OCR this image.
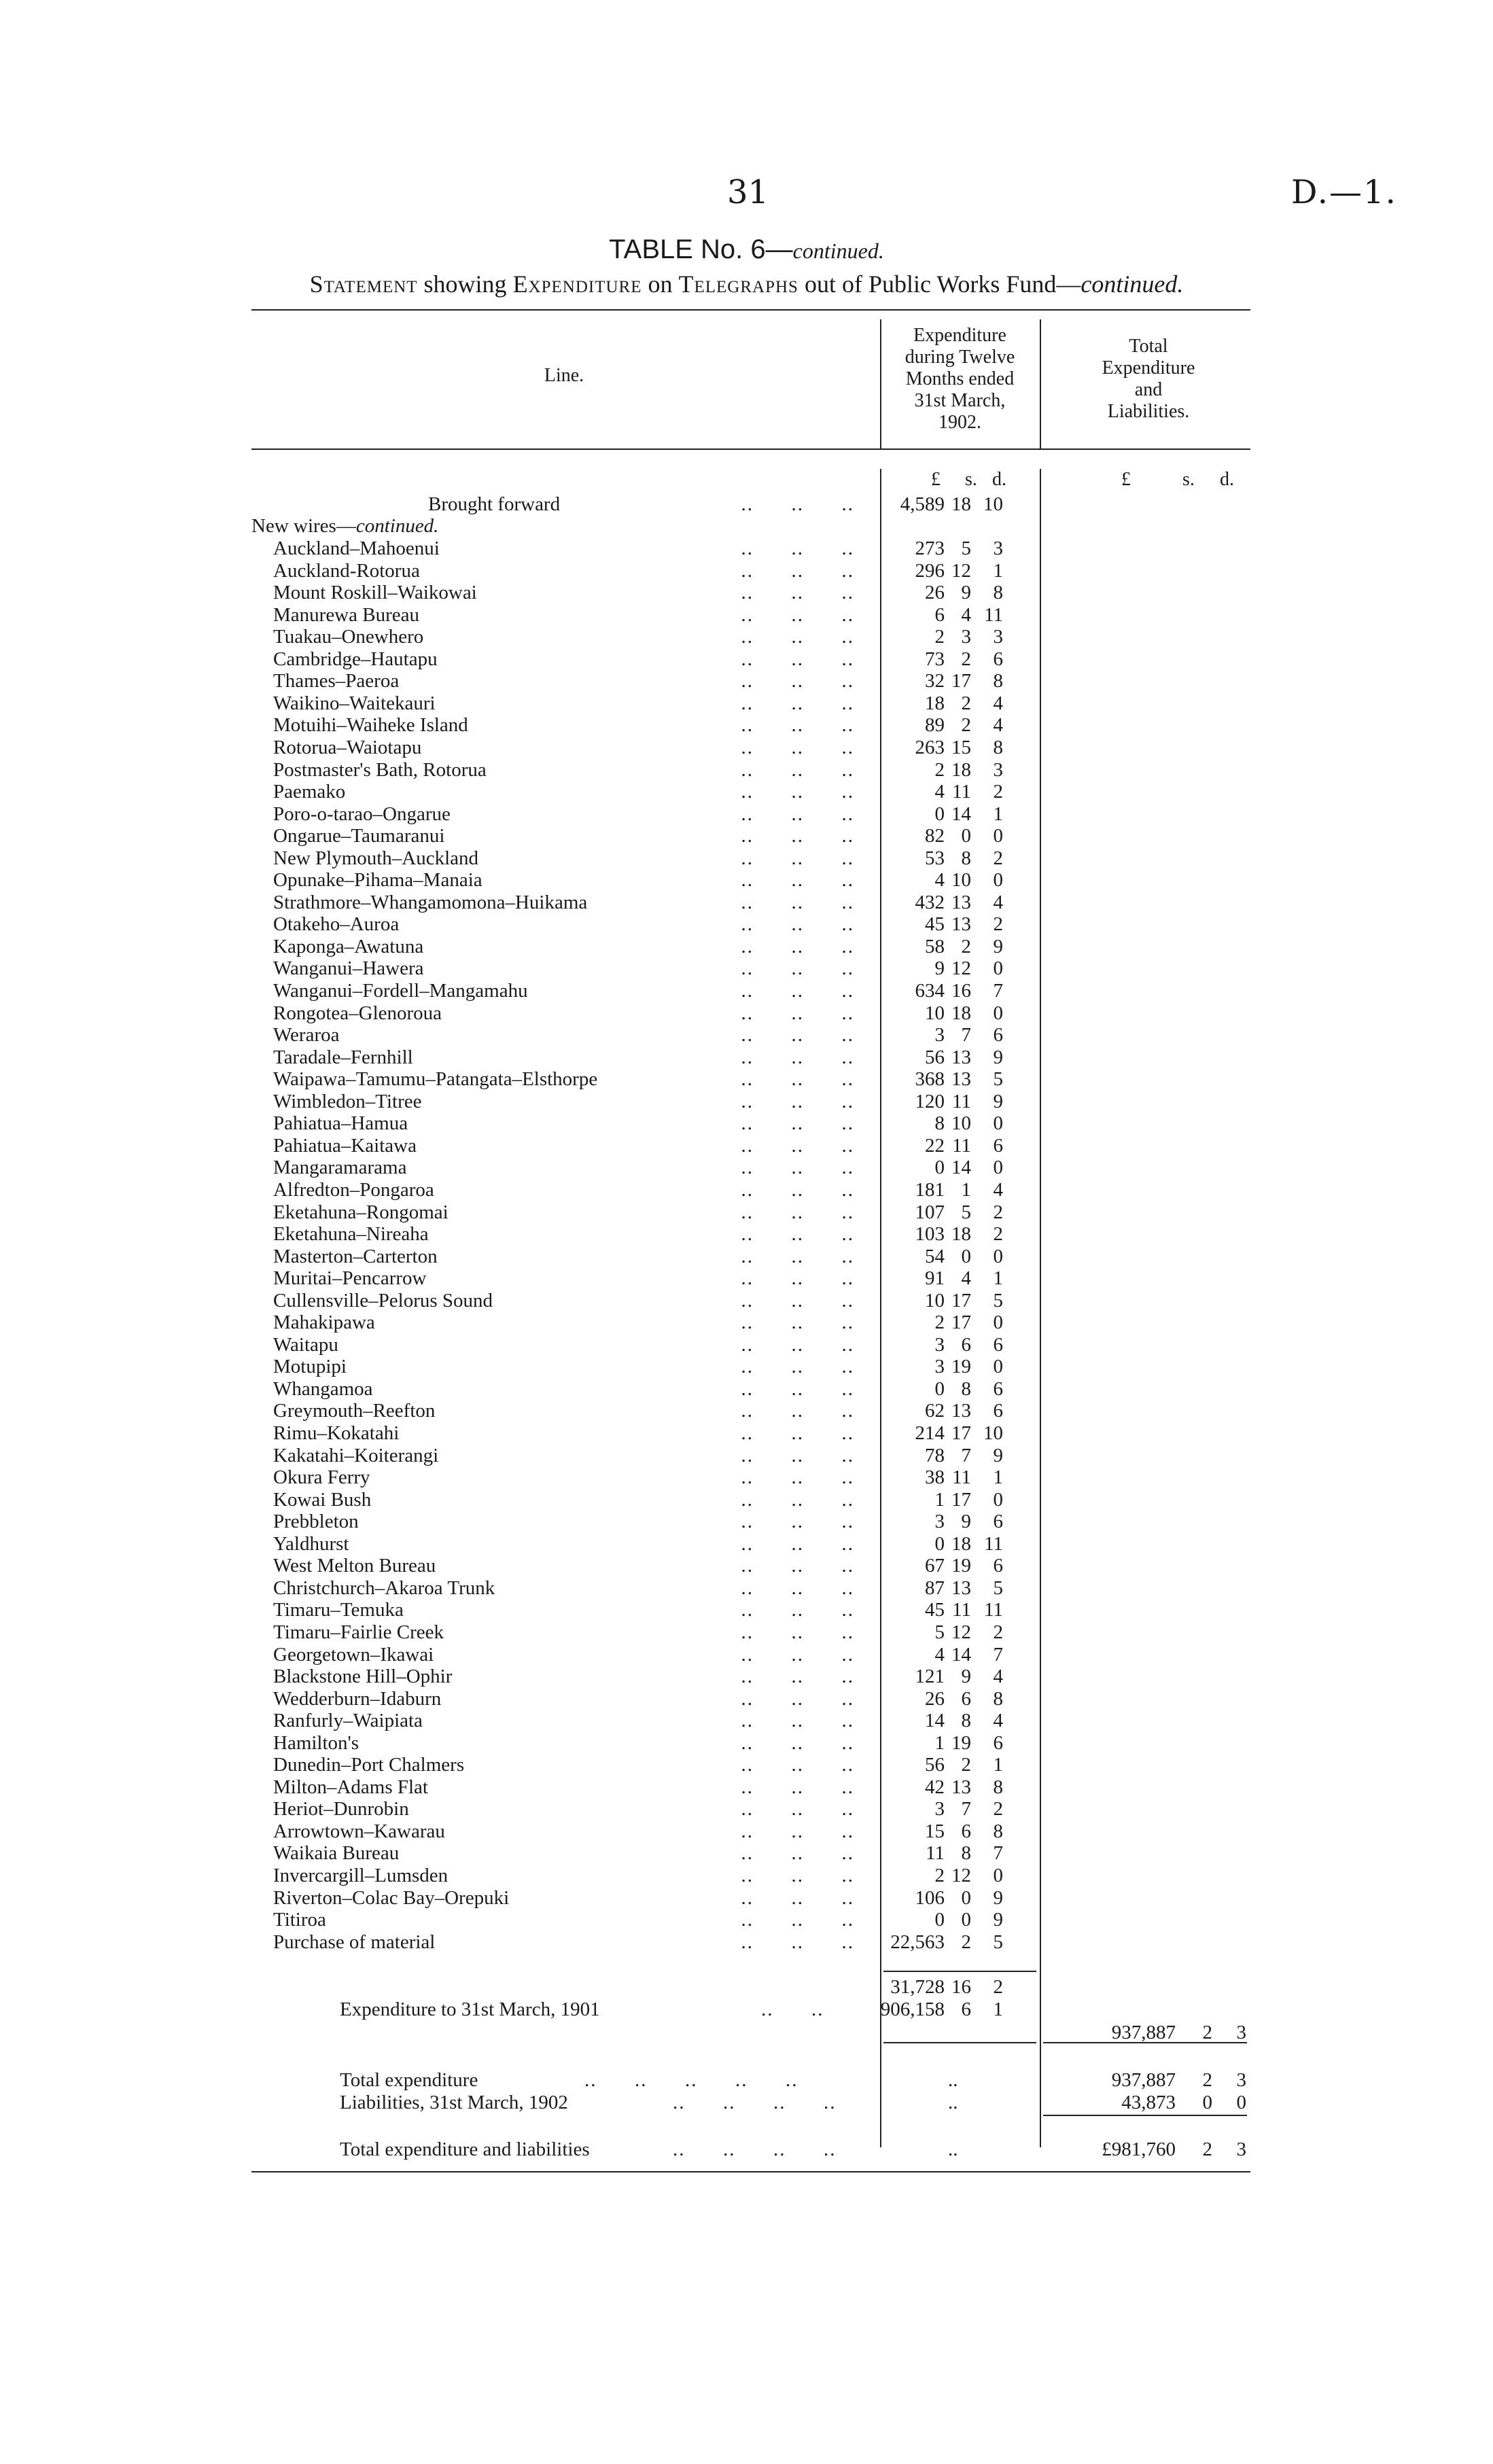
31	D.—1.
TABLE No. 6—continued.
Statement showing Expenditure on Telegraphs out of Public Works Fund—continued.
Line.
Expenditure
during Twelve
Months ended
31st March,
1902.
Total
Expenditure
and
Liabilities.
£ s. d.	£	s. d.
Brought forward	..      ..      ..	4,589 18 10
New wires—continued.
Auckland–Mahoenui	..      ..      ..	273 5	3
Auckland-Rotorua	..      ..      ..	296 12	1
Mount Roskill–Waikowai	..      ..      ..	26 9	8
Manurewa Bureau	..      ..      ..	6 4 11
Tuakau–Onewhero	..      ..      ..	2 3	3
Cambridge–Hautapu	..      ..      ..	73 2	6
Thames–Paeroa	..      ..      ..	32 17	8
Waikino–Waitekauri	..      ..      ..	18 2	4
Motuihi–Waiheke Island	..      ..      ..	89 2	4
Rotorua–Waiotapu	..      ..      ..	263 15	8
Postmaster's Bath, Rotorua	..      ..      ..	2 18	3
Paemako	..      ..      ..	4 11	2
Poro-o-tarao–Ongarue	..      ..      ..	0 14	1
Ongarue–Taumaranui	..      ..      ..	82 0	0
New Plymouth–Auckland	..      ..      ..	53 8	2
Opunake–Pihama–Manaia	..      ..      ..	4 10	0
Strathmore–Whangamomona–Huikama	..      ..      ..	432 13	4
Otakeho–Auroa	..      ..      ..	45 13	2
Kaponga–Awatuna	..      ..      ..	58 2	9
Wanganui–Hawera	..      ..      ..	9 12	0
Wanganui–Fordell–Mangamahu	..      ..      ..	634 16	7
Rongotea–Glenoroua	..      ..      ..	10 18	0
Weraroa	..      ..      ..	3 7	6
Taradale–Fernhill	..      ..      ..	56 13	9
Waipawa–Tamumu–Patangata–Elsthorpe	..      ..      ..	368 13	5
Wimbledon–Titree	..      ..      ..	120 11	9
Pahiatua–Hamua	..      ..      ..	8 10	0
Pahiatua–Kaitawa	..      ..      ..	22 11	6
Mangaramarama	..      ..      ..	0 14	0
Alfredton–Pongaroa	..      ..      ..	181 1	4
Eketahuna–Rongomai	..      ..      ..	107 5	2
Eketahuna–Nireaha	..      ..      ..	103 18	2
Masterton–Carterton	..      ..      ..	54 0	0
Muritai–Pencarrow	..      ..      ..	91 4	1
Cullensville–Pelorus Sound	..      ..      ..	10 17	5
Mahakipawa	..      ..      ..	2 17	0
Waitapu	..      ..      ..	3 6	6
Motupipi	..      ..      ..	3 19	0
Whangamoa	..      ..      ..	0 8	6
Greymouth–Reefton	..      ..      ..	62 13	6
Rimu–Kokatahi	..      ..      ..	214 17 10
Kakatahi–Koiterangi	..      ..      ..	78 7	9
Okura Ferry	..      ..      ..	38 11	1
Kowai Bush	..      ..      ..	1 17	0
Prebbleton	..      ..      ..	3 9	6
Yaldhurst	..      ..      ..	0 18 11
West Melton Bureau	..      ..      ..	67 19	6
Christchurch–Akaroa Trunk	..      ..      ..	87 13	5
Timaru–Temuka	..      ..      ..	45 11 11
Timaru–Fairlie Creek	..      ..      ..	5 12	2
Georgetown–Ikawai	..      ..      ..	4 14	7
Blackstone Hill–Ophir	..      ..      ..	121 9	4
Wedderburn–Idaburn	..      ..      ..	26 6	8
Ranfurly–Waipiata	..      ..      ..	14 8	4
Hamilton's	..      ..      ..	1 19	6
Dunedin–Port Chalmers	..      ..      ..	56 2	1
Milton–Adams Flat	..      ..      ..	42 13	8
Heriot–Dunrobin	..      ..      ..	3 7	2
Arrowtown–Kawarau	..      ..      ..	15 6	8
Waikaia Bureau	..      ..      ..	11 8	7
Invercargill–Lumsden	..      ..      ..	2 12	0
Riverton–Colac Bay–Orepuki	..      ..      ..	106 0	9
Titiroa	..      ..      ..	0 0	9
Purchase of material	..      ..      ..	22,563 2	5
31,728 16	2
Expenditure to 31st March, 1901	..      ..	906,158 6	1
937,887	2	3
Total expenditure	..      ..      ..      ..      ..	..	937,887	2	3
Liabilities, 31st March, 1902	..      ..      ..      ..	..	43,873	0	0
Total expenditure and liabilities	..      ..      ..      ..	..	£981,760	2	3
